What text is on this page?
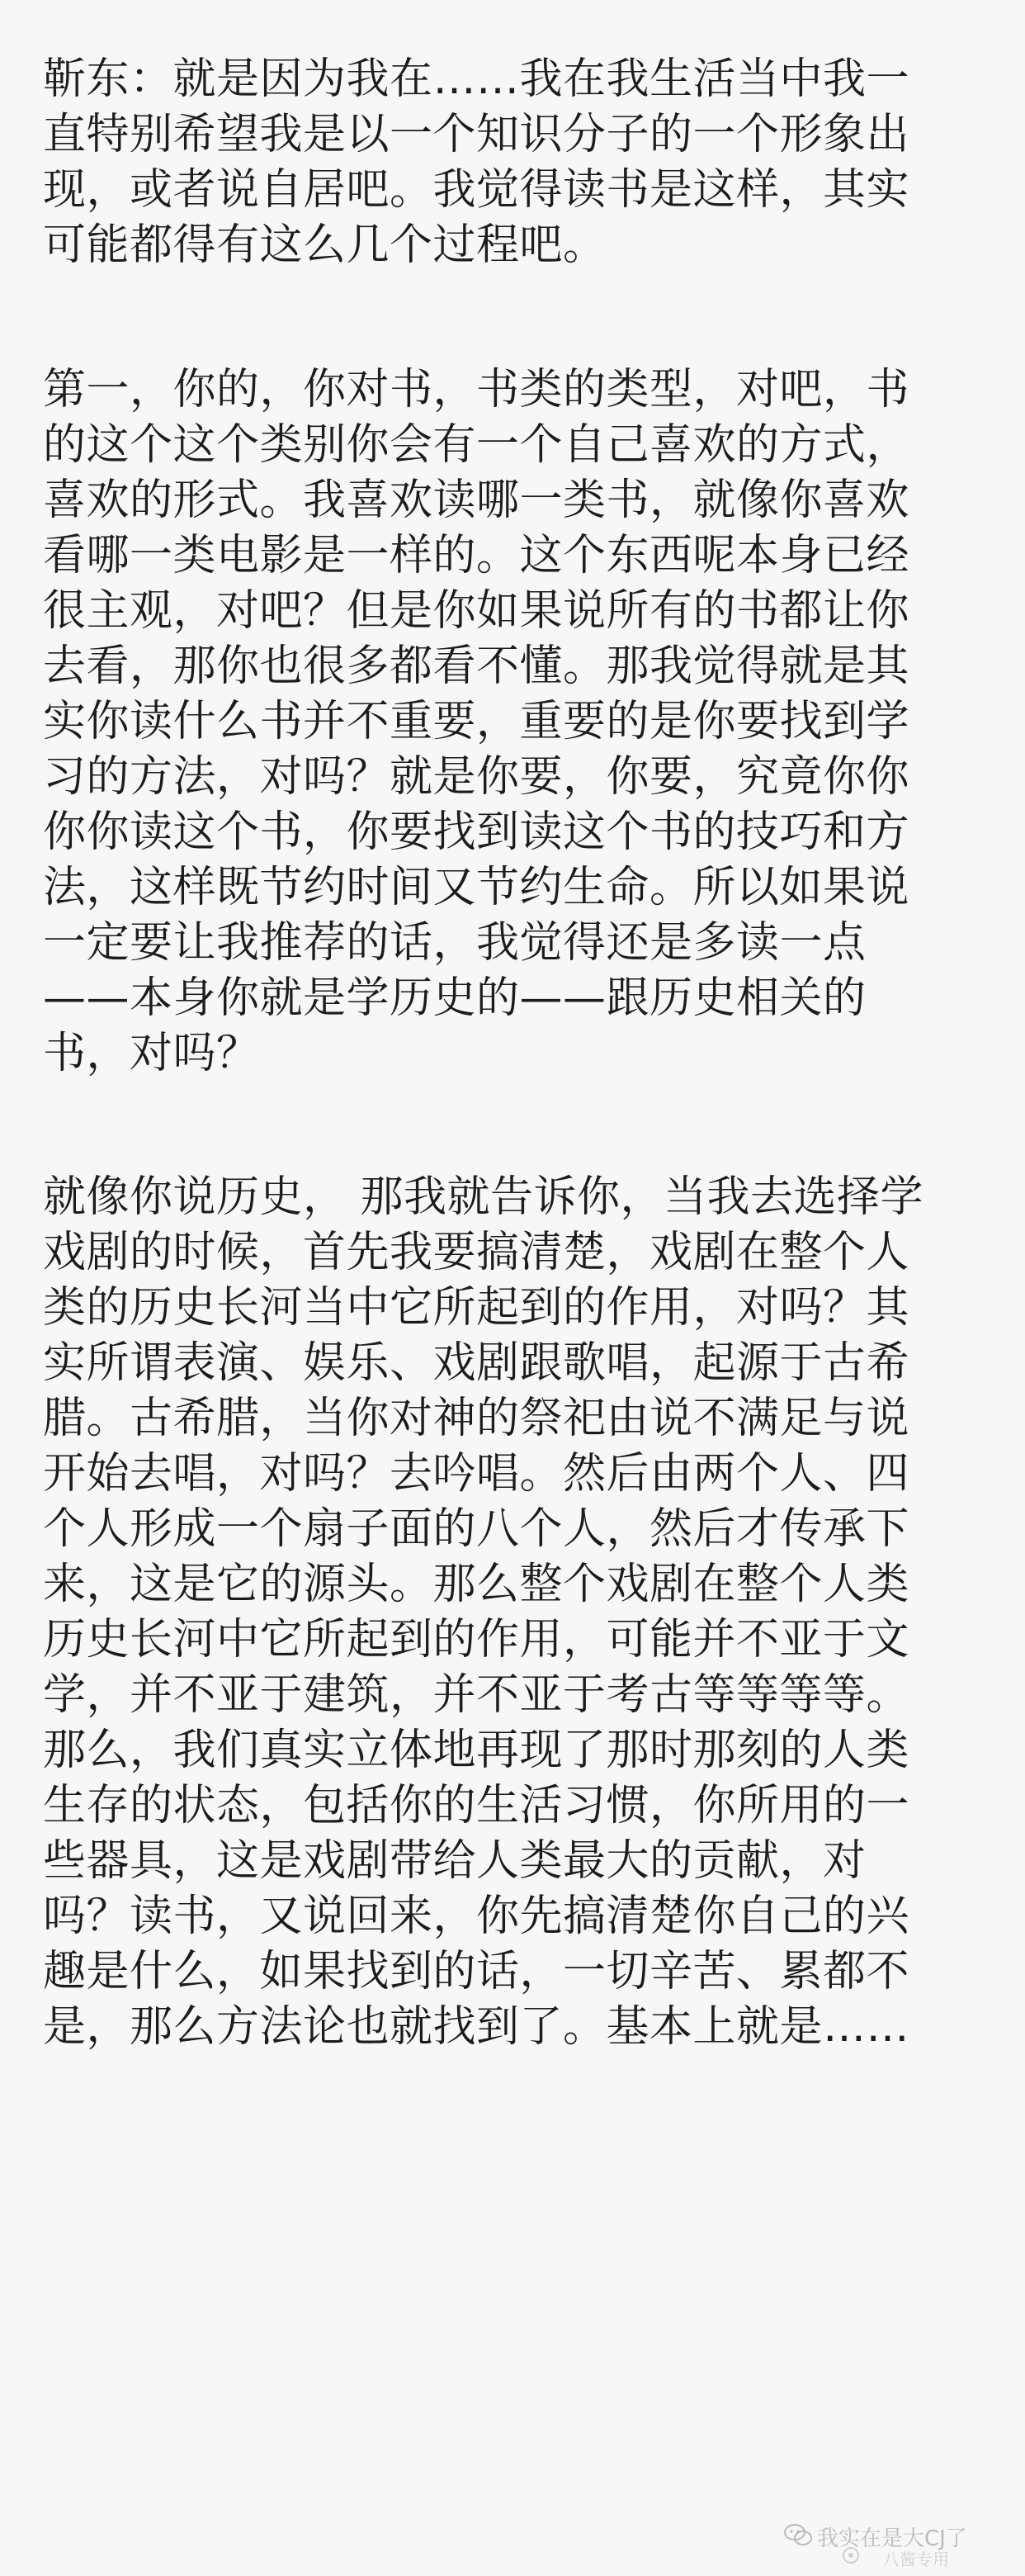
靳东：就是因为我在……我在我生活当中我一
直特别希望我是以一个知识分子的一个形象出
现，或者说自居吧。我觉得读书是这样，其实
可能都得有这么几个过程吧。
第一，你的，你对书，书类的类型，对吧，书
的这个这个类别你会有一个自己喜欢的方式，
喜欢的形式。我喜欢读哪一类书，就像你喜欢
看哪一类电影是一样的。这个东西呢本身已经
很主观，对吧？但是你如果说所有的书都让你
去看，那你也很多都看不懂。那我觉得就是其
实你读什么书并不重要，重要的是你要找到学
习的方法，对吗？就是你要，你要，究竟你你
你你读这个书，你要找到读这个书的技巧和方
法，这样既节约时间又节约生命。所以如果说
一定要让我推荐的话，我觉得还是多读一点
——本身你就是学历史的——跟历史相关的
书，对吗？
就像你说历史， 那我就告诉你，当我去选择学
戏剧的时候，首先我要搞清楚，戏剧在整个人
类的历史长河当中它所起到的作用，对吗？其
实所谓表演、娱乐、戏剧跟歌唱，起源于古希
腊。古希腊，当你对神的祭祀由说不满足与说
开始去唱，对吗？去吟唱。然后由两个人、四
个人形成一个扇子面的八个人，然后才传承下
来，这是它的源头。那么整个戏剧在整个人类
历史长河中它所起到的作用，可能并不亚于文
学，并不亚于建筑，并不亚于考古等等等等。
那么，我们真实立体地再现了那时那刻的人类
生存的状态，包括你的生活习惯，你所用的一
些器具，这是戏剧带给人类最大的贡献，对
吗？读书，又说回来，你先搞清楚你自己的兴
趣是什么，如果找到的话，一切辛苦、累都不
是，那么方法论也就找到了。基本上就是……
我实在是大CJ了
八酱专用
